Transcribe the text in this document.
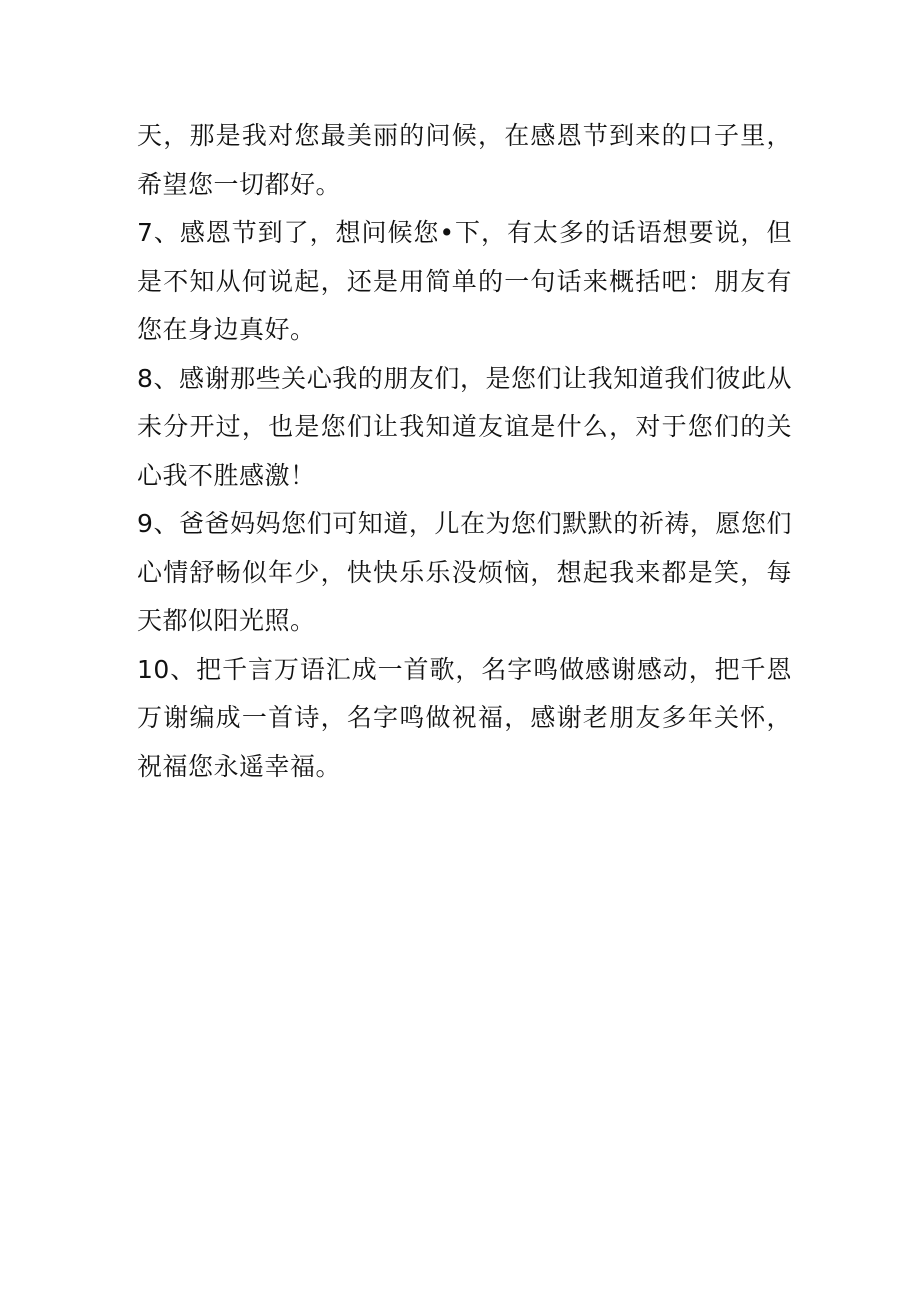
天，那是我对您最美丽的问候，在感恩节到来的口子里，希望您一切都好。

7、感恩节到了，想问候您•下，有太多的话语想要说，但是不知从何说起，还是用简单的一句话来概括吧：朋友有您在身边真好。

8、感谢那些关心我的朋友们，是您们让我知道我们彼此从未分开过，也是您们让我知道友谊是什么，对于您们的关心我不胜感激！

9、爸爸妈妈您们可知道，儿在为您们默默的祈祷，愿您们心情舒畅似年少，快快乐乐没烦恼，想起我来都是笑，每天都似阳光照。

10、把千言万语汇成一首歌，名字鸣做感谢感动，把千恩万谢编成一首诗，名字鸣做祝福，感谢老朋友多年关怀，祝福您永遥幸福。
